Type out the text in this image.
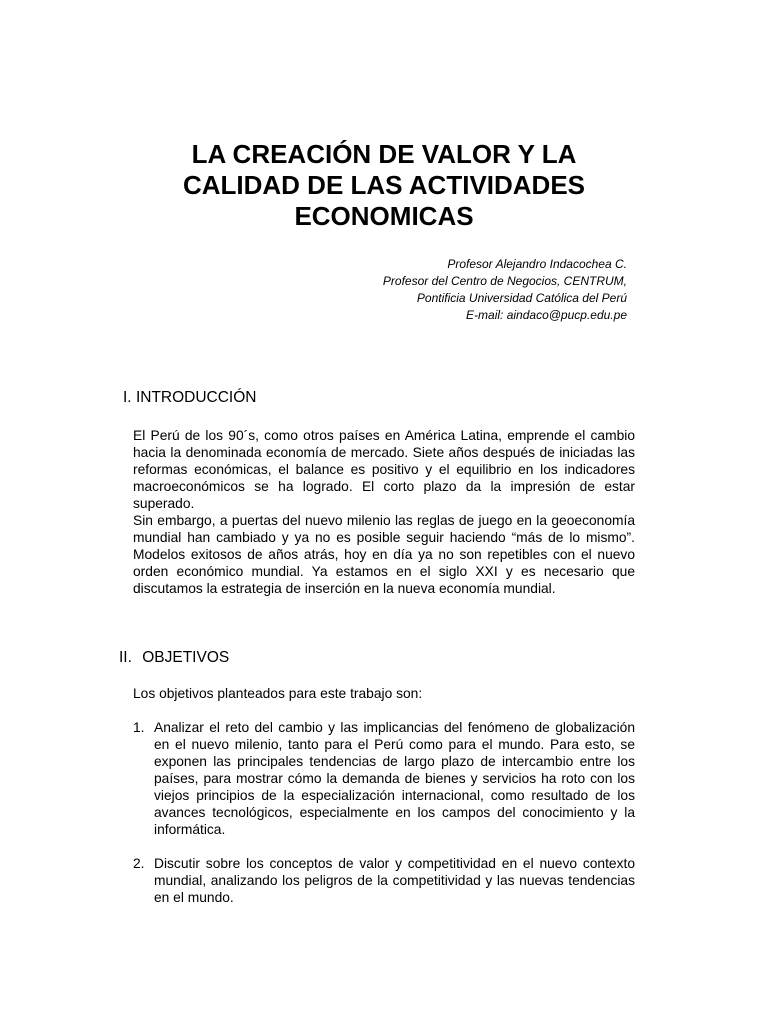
LA CREACIÓN DE VALOR Y LA
CALIDAD DE LAS ACTIVIDADES
ECONOMICAS
Profesor Alejandro Indacochea C.
Profesor del Centro de Negocios, CENTRUM,
Pontificia Universidad Católica del Perú
E-mail: aindaco@pucp.edu.pe
I. INTRODUCCIÓN

El Perú de los 90´s, como otros países en América Latina, emprende el cambio hacia la denominada economía de mercado. Siete años después de iniciadas las reformas económicas, el balance es positivo y el equilibrio en los indicadores macroeconómicos se ha logrado. El corto plazo da la impresión de estar superado.

Sin embargo, a puertas del nuevo milenio las reglas de juego en la geoeconomía mundial han cambiado y ya no es posible seguir haciendo “más de lo mismo”. Modelos exitosos de años atrás, hoy en día ya no son repetibles con el nuevo orden económico mundial. Ya estamos en el siglo XXI y es necesario que discutamos la estrategia de inserción en la nueva economía mundial.

II. OBJETIVOS

Los objetivos planteados para este trabajo son:

1. Analizar el reto del cambio y las implicancias del fenómeno de globalización en el nuevo milenio, tanto para el Perú como para el mundo. Para esto, se exponen las principales tendencias de largo plazo de intercambio entre los países, para mostrar cómo la demanda de bienes y servicios ha roto con los viejos principios de la especialización internacional, como resultado de los avances tecnológicos, especialmente en los campos del conocimiento y la informática.
2. Discutir sobre los conceptos de valor y competitividad en el nuevo contexto mundial, analizando los peligros de la competitividad y las nuevas tendencias en el mundo.
